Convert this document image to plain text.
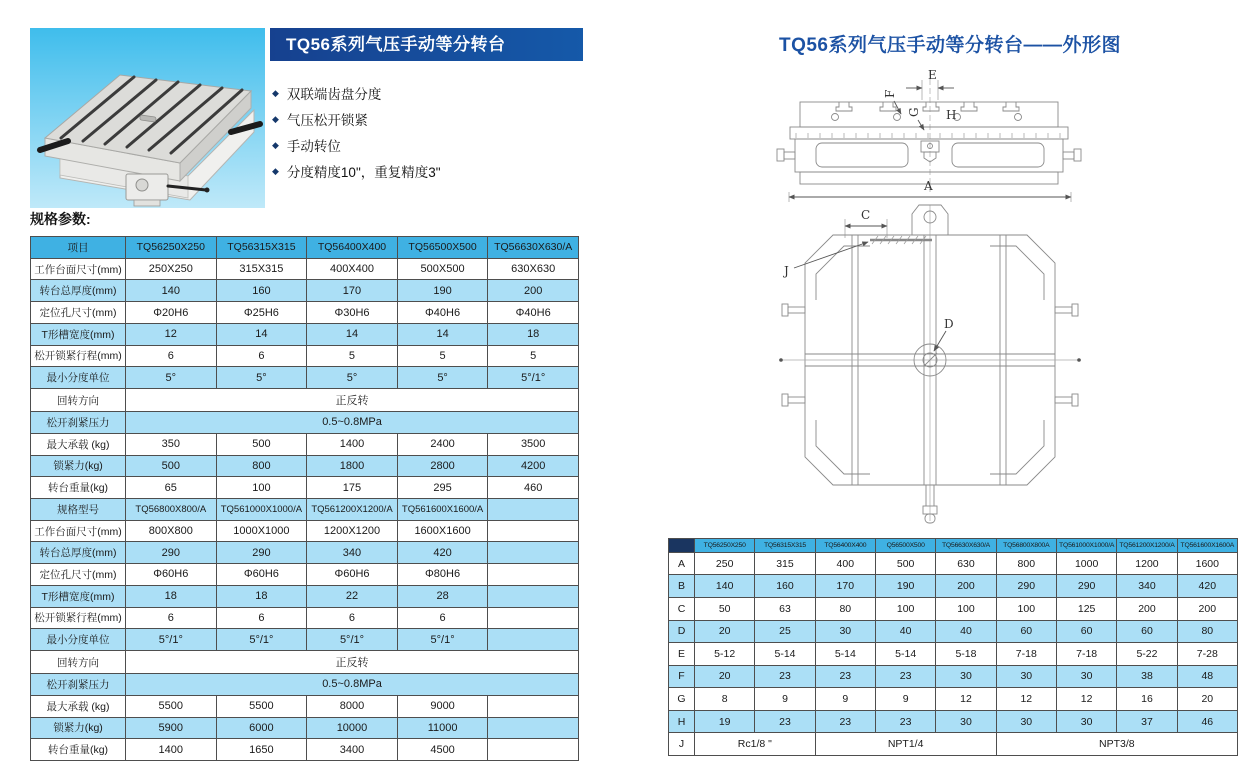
TQ56系列气压手动等分转台
◆ 双联端齿盘分度
◆ 气压松开锁紧
◆ 手动转位
◆ 分度精度10"，重复精度3"
规格参数:
项目	TQ56250X250	TQ56315X315	TQ56400X400	TQ56500X500	TQ56630X630/A
工作台面尺寸(mm)	250X250	315X315	400X400	500X500	630X630
转台总厚度(mm)	140	160	170	190	200
定位孔尺寸(mm)	Φ20H6	Φ25H6	Φ30H6	Φ40H6	Φ40H6
T形槽宽度(mm)	12	14	14	14	18
松开锁紧行程(mm)	6	6	5	5	5
最小分度单位	5°	5°	5°	5°	5°/1°
回转方向	正反转				
松开刹紧压力	0.5~0.8MPa				
最大承载 (kg)	350	500	1400	2400	3500
锁紧力(kg)	500	800	1800	2800	4200
转台重量(kg)	65	100	175	295	460
规格型号	TQ56800X800/A	TQ561000X1000/A	TQ561200X1200/A	TQ561600X1600/A	
工作台面尺寸(mm)	800X800	1000X1000	1200X1200	1600X1600	
转台总厚度(mm)	290	290	340	420	
定位孔尺寸(mm)	Φ60H6	Φ60H6	Φ60H6	Φ80H6	
T形槽宽度(mm)	18	18	22	28	
松开锁紧行程(mm)	6	6	6	6	
最小分度单位	5°/1°	5°/1°	5°/1°	5°/1°	
回转方向	正反转				
松开刹紧压力	0.5~0.8MPa				
最大承载 (kg)	5500	5500	8000	9000	
锁紧力(kg)	5900	6000	10000	11000	
转台重量(kg)	1400	1650	3400	4500	
TQ56系列气压手动等分转台——外形图
E
F
G H
A
C
J
D
	TQ56250X250	TQ56315X315	TQ56400X400	Q56500X500	TQ56630X630/A	TQ56800X800A	TQ561000X1000/A	TQ561200X1200/A	TQ561600X1600A
A	250	315	400	500	630	800	1000	1200	1600
B	140	160	170	190	200	290	290	340	420
C	50	63	80	100	100	100	125	200	200
D	20	25	30	40	40	60	60	60	80
E	5-12	5-14	5-14	5-14	5-18	7-18	7-18	5-22	7-28
F	20	23	23	23	30	30	30	38	48
G	8	9	9	9	12	12	12	16	20
H	19	23	23	23	30	30	30	37	46
J	Rc1/8 "		NPT1/4			NPT3/8			
